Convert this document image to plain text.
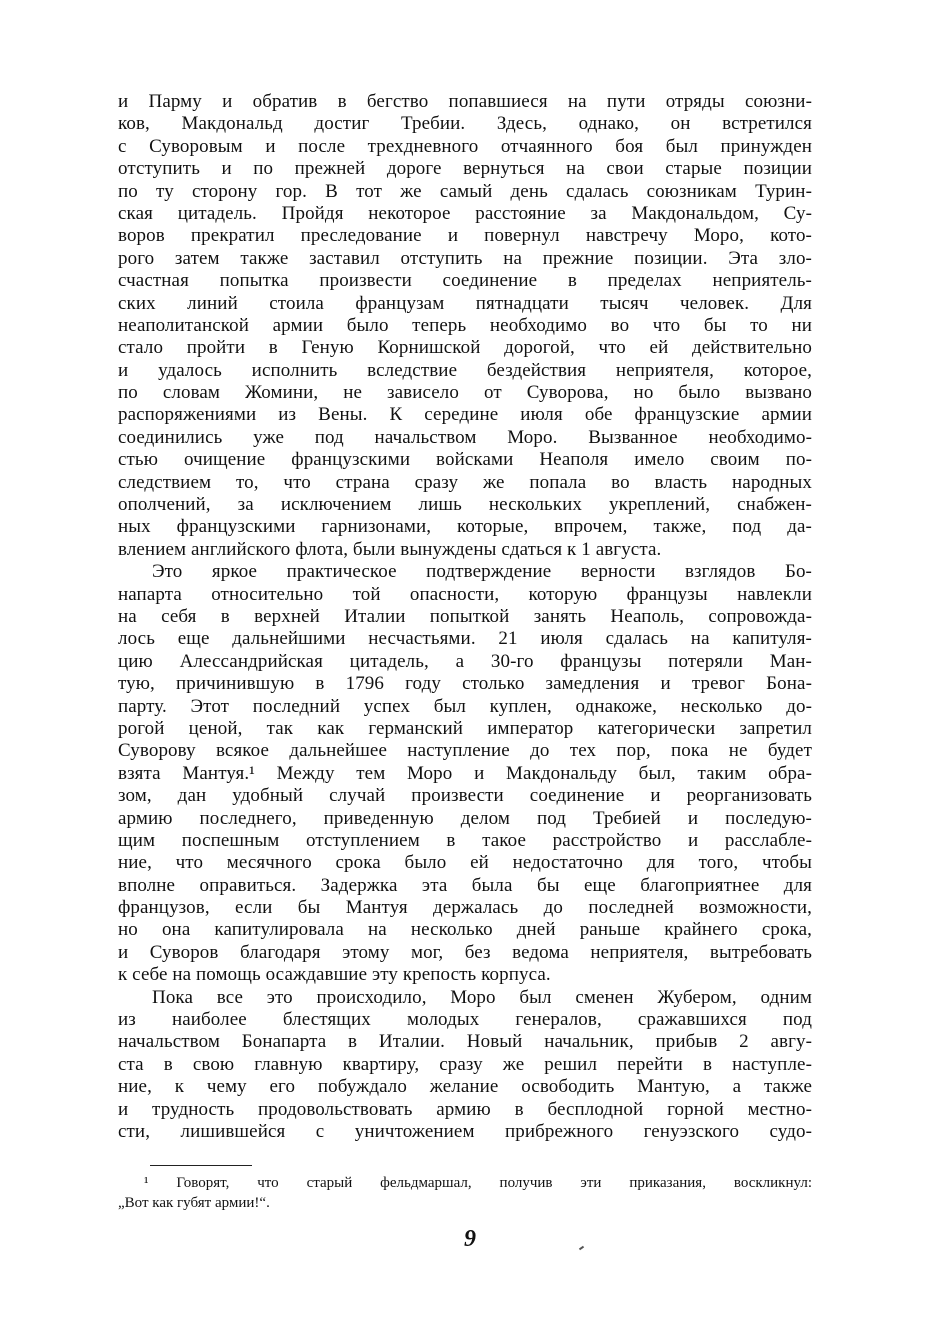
и Парму и обратив в бегство попавшиеся на пути отряды союзни-
ков, Макдональд достиг Требии. Здесь, однако, он встретился
с Суворовым и после трехдневного отчаянного боя был принужден
отступить и по прежней дороге вернуться на свои старые позиции
по ту сторону гор. В тот же самый день сдалась союзникам Турин-
ская цитадель. Пройдя некоторое расстояние за Макдональдом, Су-
воров прекратил преследование и повернул навстречу Моро, кото-
рого затем также заставил отступить на прежние позиции. Эта зло-
счастная попытка произвести соединение в пределах неприятель-
ских линий стоила французам пятнадцати тысяч человек. Для
неаполитанской армии было теперь необходимо во что бы то ни
стало пройти в Геную Корнишской дорогой, что ей действительно
и удалось исполнить вследствие бездействия неприятеля, которое,
по словам Жомини, не зависело от Суворова, но было вызвано
распоряжениями из Вены. К середине июля обе французские армии
соединились уже под начальством Моро. Вызванное необходимо-
стью очищение французскими войсками Неаполя имело своим по-
следствием то, что страна сразу же попала во власть народных
ополчений, за исключением лишь нескольких укреплений, снабжен-
ных французскими гарнизонами, которые, впрочем, также, под да-
влением английского флота, были вынуждены сдаться к 1 августа.
Это яркое практическое подтверждение верности взглядов Бо-
напарта относительно той опасности, которую французы навлекли
на себя в верхней Италии попыткой занять Неаполь, сопровожда-
лось еще дальнейшими несчастьями. 21 июля сдалась на капитуля-
цию Алессандрийская цитадель, а 30-го французы потеряли Ман-
тую, причинившую в 1796 году столько замедления и тревог Бона-
парту. Этот последний успех был куплен, однакоже, несколько до-
рогой ценой, так как германский император категорически запретил
Суворову всякое дальнейшее наступление до тех пор, пока не будет
взята Мантуя.¹ Между тем Моро и Макдональду был, таким обра-
зом, дан удобный случай произвести соединение и реорганизовать
армию последнего, приведенную делом под Требией и последую-
щим поспешным отступлением в такое расстройство и расслабле-
ние, что месячного срока было ей недостаточно для того, чтобы
вполне оправиться. Задержка эта была бы еще благоприятнее для
французов, если бы Мантуя держалась до последней возможности,
но она капитулировала на несколько дней раньше крайнего срока,
и Суворов благодаря этому мог, без ведома неприятеля, вытребовать
к себе на помощь осаждавшие эту крепость корпуса.
Пока все это происходило, Моро был сменен Жубером, одним
из наиболее блестящих молодых генералов, сражавшихся под
начальством Бонапарта в Италии. Новый начальник, прибыв 2 авгу-
ста в свою главную квартиру, сразу же решил перейти в наступле-
ние, к чему его побуждало желание освободить Мантую, а также
и трудность продовольствовать армию в бесплодной горной местно-
сти, лишившейся с уничтожением прибрежного генуэзского судо-
¹ Говорят, что старый фельдмаршал, получив эти приказания, воскликнул:
„Вот как губят армии!“.
9
